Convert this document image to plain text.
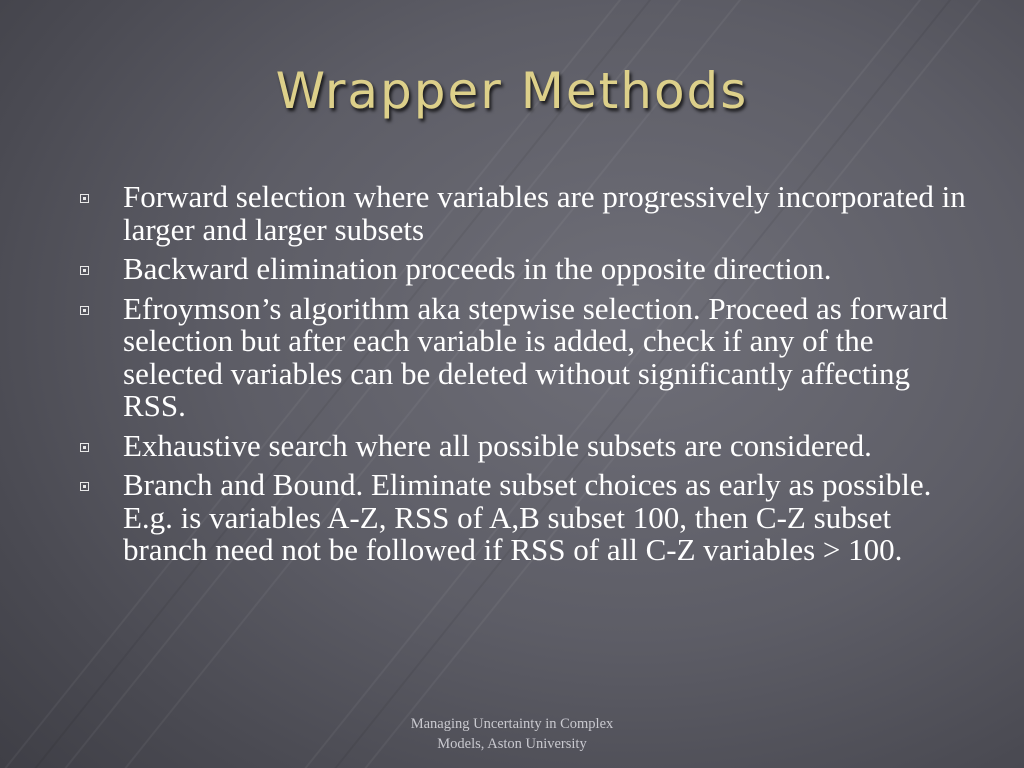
Wrapper Methods
Forward selection where variables are progressively incorporated in larger and larger subsets
Backward elimination proceeds in the opposite direction.
Efroymson’s algorithm aka stepwise selection. Proceed as forward selection but after each variable is added, check if any of the selected variables can be deleted without significantly affecting RSS.
Exhaustive search where all possible subsets are considered.
Branch and Bound. Eliminate subset choices as early as possible. E.g. is variables A-Z, RSS of A,B subset 100, then C-Z subset branch need not be followed if RSS of all C-Z variables > 100.
Managing Uncertainty in Complex
Models, Aston University
